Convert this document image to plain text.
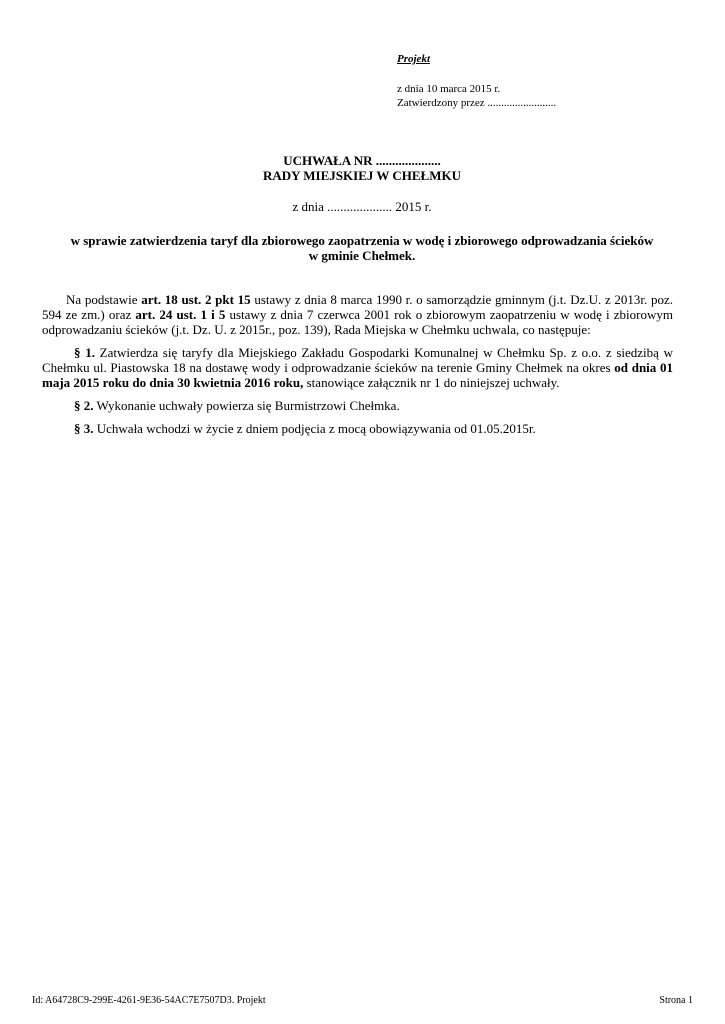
Projekt
z dnia 10 marca 2015 r.
Zatwierdzony przez .........................
UCHWAŁA NR ....................
RADY MIEJSKIEJ W CHEŁMKU
z dnia .................... 2015 r.
w sprawie zatwierdzenia taryf dla zbiorowego zaopatrzenia w wodę i zbiorowego odprowadzania ścieków
w gminie Chełmek.

Na podstawie art. 18 ust. 2 pkt 15 ustawy z dnia 8 marca 1990 r. o samorządzie gminnym (j.t. Dz.U. z 2013r. poz. 594 ze zm.) oraz art. 24 ust. 1 i 5 ustawy z dnia 7 czerwca 2001 rok o zbiorowym zaopatrzeniu w wodę i zbiorowym odprowadzaniu ścieków (j.t. Dz. U. z 2015r., poz. 139), Rada Miejska w Chełmku uchwala, co następuje:

§ 1. Zatwierdza się taryfy dla Miejskiego Zakładu Gospodarki Komunalnej w Chełmku Sp. z o.o. z siedzibą w Chełmku ul. Piastowska 18 na dostawę wody i odprowadzanie ścieków na terenie Gminy Chełmek na okres od dnia 01 maja 2015 roku do dnia 30 kwietnia 2016 roku, stanowiące załącznik nr 1 do niniejszej uchwały.

§ 2. Wykonanie uchwały powierza się Burmistrzowi Chełmka.

§ 3. Uchwała wchodzi w życie z dniem podjęcia z mocą obowiązywania od 01.05.2015r.

Id: A64728C9-299E-4261-9E36-54AC7E7507D3. Projekt	Strona 1
